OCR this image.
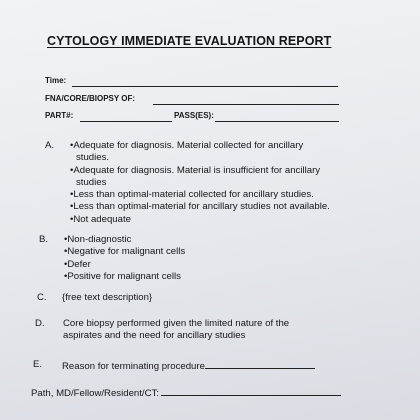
CYTOLOGY IMMEDIATE EVALUATION REPORT
Time:
FNA/CORE/BIOPSY OF:
PART#:	PASS(ES):
A. •Adequate for diagnosis. Material collected for ancillary
studies.
•Adequate for diagnosis. Material is insufficient for ancillary
studies
•Less than optimal-material collected for ancillary studies.
•Less than optimal-material for ancillary studies not available.
•Not adequate
B. •Non-diagnostic
•Negative for malignant cells
•Defer
•Positive for malignant cells
C. {free text description}
D. Core biopsy performed given the limited nature of the
aspirates and the need for ancillary studies
E. Reason for terminating procedure
Path, MD/Fellow/Resident/CT:
